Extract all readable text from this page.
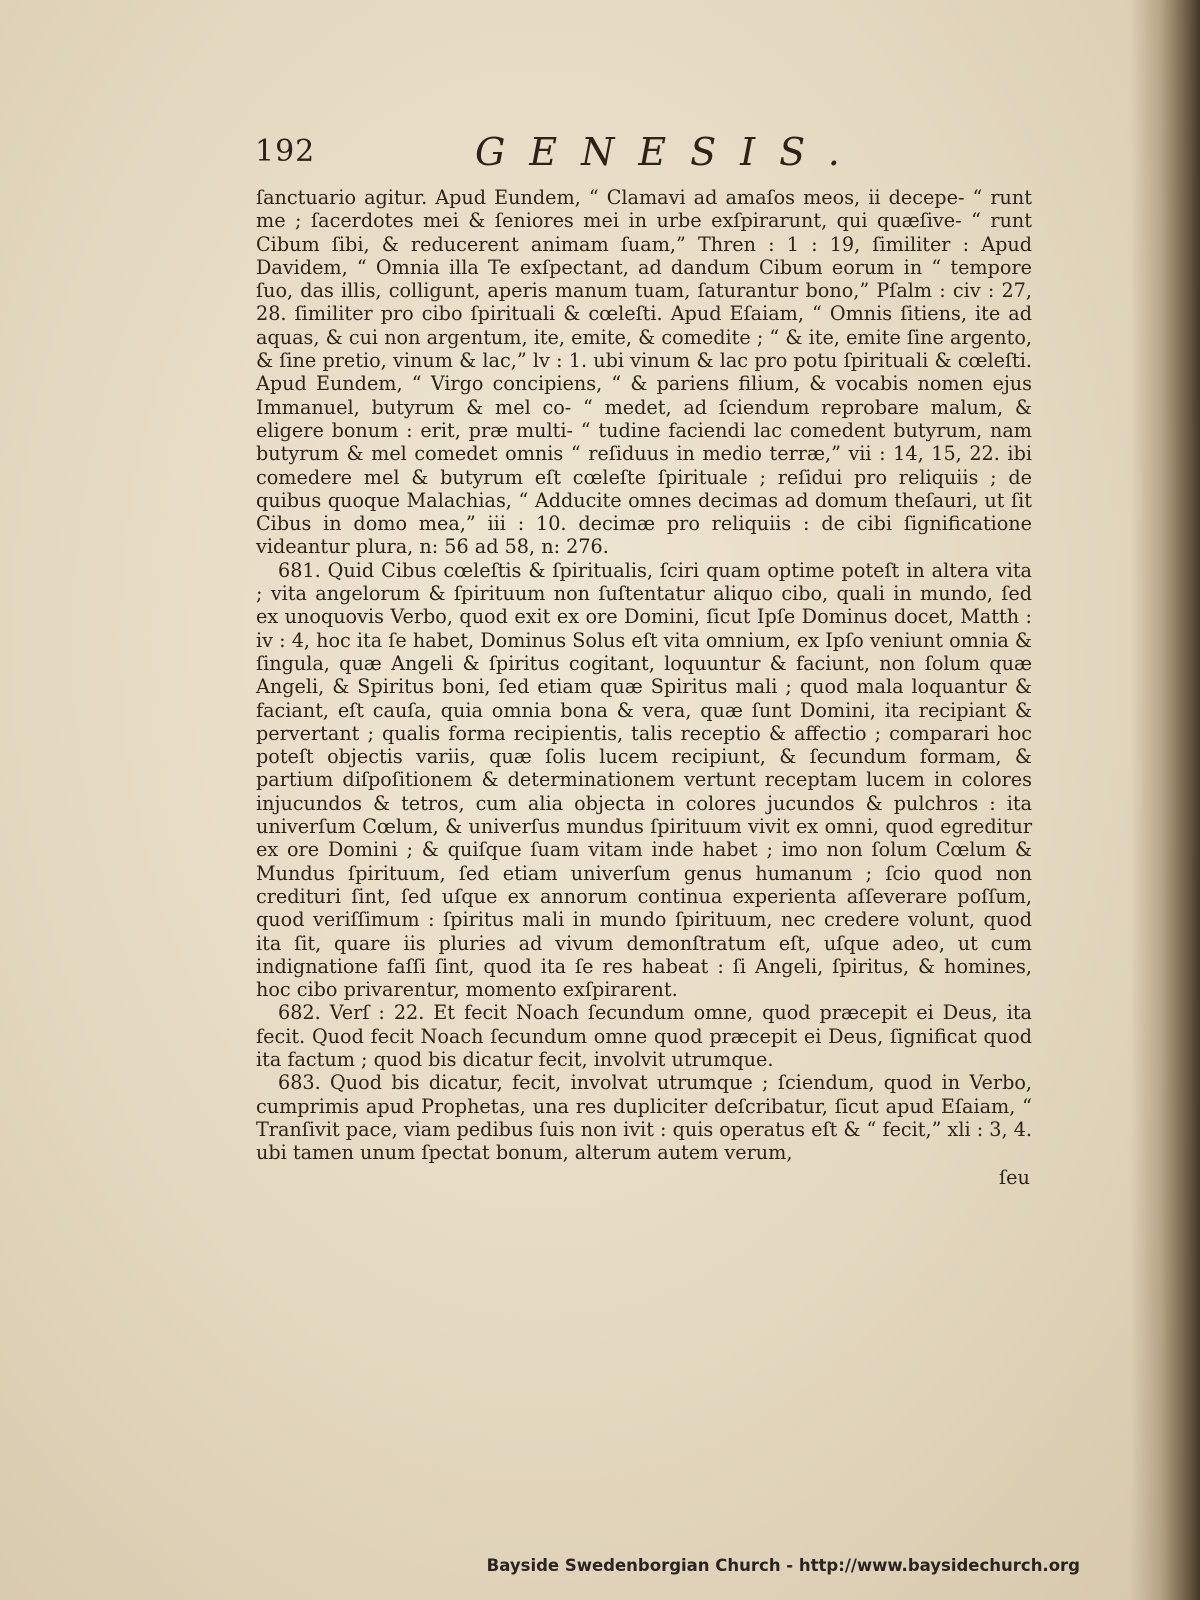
192	GENESIS.

ſanctuario agitur. Apud Eundem, “ Clamavi ad amaſos meos, ii decepe- “ runt me ; ſacerdotes mei & ſeniores mei in urbe exſpirarunt, qui quæſive- “ runt Cibum ſibi, & reducerent animam ſuam,” Thren : 1 : 19, ſimiliter : Apud Davidem, “ Omnia illa Te exſpectant, ad dandum Cibum eorum in “ tempore ſuo, das illis, colligunt, aperis manum tuam, ſaturantur bono,” Pſalm : civ : 27, 28. ſimiliter pro cibo ſpirituali & cœleſti. Apud Eſaiam, “ Omnis ſitiens, ite ad aquas, & cui non argentum, ite, emite, & comedite ; “ & ite, emite ſine argento, & ſine pretio, vinum & lac,” lv : 1. ubi vinum & lac pro potu ſpirituali & cœleſti. Apud Eundem, “ Virgo concipiens, “ & pariens filium, & vocabis nomen ejus Immanuel, butyrum & mel co- “ medet, ad ſciendum reprobare malum, & eligere bonum : erit, præ multi- “ tudine faciendi lac comedent butyrum, nam butyrum & mel comedet omnis “ reſiduus in medio terræ,” vii : 14, 15, 22. ibi comedere mel & butyrum eſt cœleſte ſpirituale ; reſidui pro reliquiis ; de quibus quoque Malachias, “ Adducite omnes decimas ad domum theſauri, ut ſit Cibus in domo mea,” iii : 10. decimæ pro reliquiis : de cibi ſignificatione videantur plura, n: 56 ad 58, n: 276.

681. Quid Cibus cœleſtis & ſpiritualis, ſciri quam optime poteſt in altera vita ; vita angelorum & ſpirituum non ſuſtentatur aliquo cibo, quali in mundo, ſed ex unoquovis Verbo, quod exit ex ore Domini, ſicut Ipſe Dominus docet, Matth : iv : 4, hoc ita ſe habet, Dominus Solus eſt vita omnium, ex Ipſo veniunt omnia & ſingula, quæ Angeli & ſpiritus cogitant, loquuntur & faciunt, non ſolum quæ Angeli, & Spiritus boni, ſed etiam quæ Spiritus mali ; quod mala loquantur & faciant, eſt cauſa, quia omnia bona & vera, quæ ſunt Domini, ita recipiant & pervertant ; qualis forma recipientis, talis receptio & affectio ; comparari hoc poteſt objectis variis, quæ ſolis lucem recipiunt, & ſecundum formam, & partium diſpoſitionem & determinationem vertunt receptam lucem in colores injucundos & tetros, cum alia objecta in colores jucundos & pulchros : ita univerſum Cœlum, & univerſus mundus ſpirituum vivit ex omni, quod egreditur ex ore Domini ; & quiſque ſuam vitam inde habet ; imo non ſolum Cœlum & Mundus ſpirituum, ſed etiam univerſum genus humanum ; ſcio quod non credituri ſint, ſed uſque ex annorum continua experienta aſſeverare poſſum, quod veriſſimum : ſpiritus mali in mundo ſpirituum, nec credere volunt, quod ita ſit, quare iis pluries ad vivum demonſtratum eſt, uſque adeo, ut cum indignatione faſſi ſint, quod ita ſe res habeat : ſi Angeli, ſpiritus, & homines, hoc cibo privarentur, momento exſpirarent.

682. Verſ : 22. Et fecit Noach ſecundum omne, quod præcepit ei Deus, ita fecit. Quod fecit Noach ſecundum omne quod præcepit ei Deus, ſignificat quod ita factum ; quod bis dicatur fecit, involvit utrumque.

683. Quod bis dicatur, fecit, involvat utrumque ; ſciendum, quod in Verbo, cumprimis apud Prophetas, una res dupliciter deſcribatur, ſicut apud Eſaiam, “ Tranſivit pace, viam pedibus ſuis non ivit : quis operatus eſt & “ fecit,” xli : 3, 4. ubi tamen unum ſpectat bonum, alterum autem verum,

ſeu
Bayside Swedenborgian Church - http://www.baysidechurch.org
